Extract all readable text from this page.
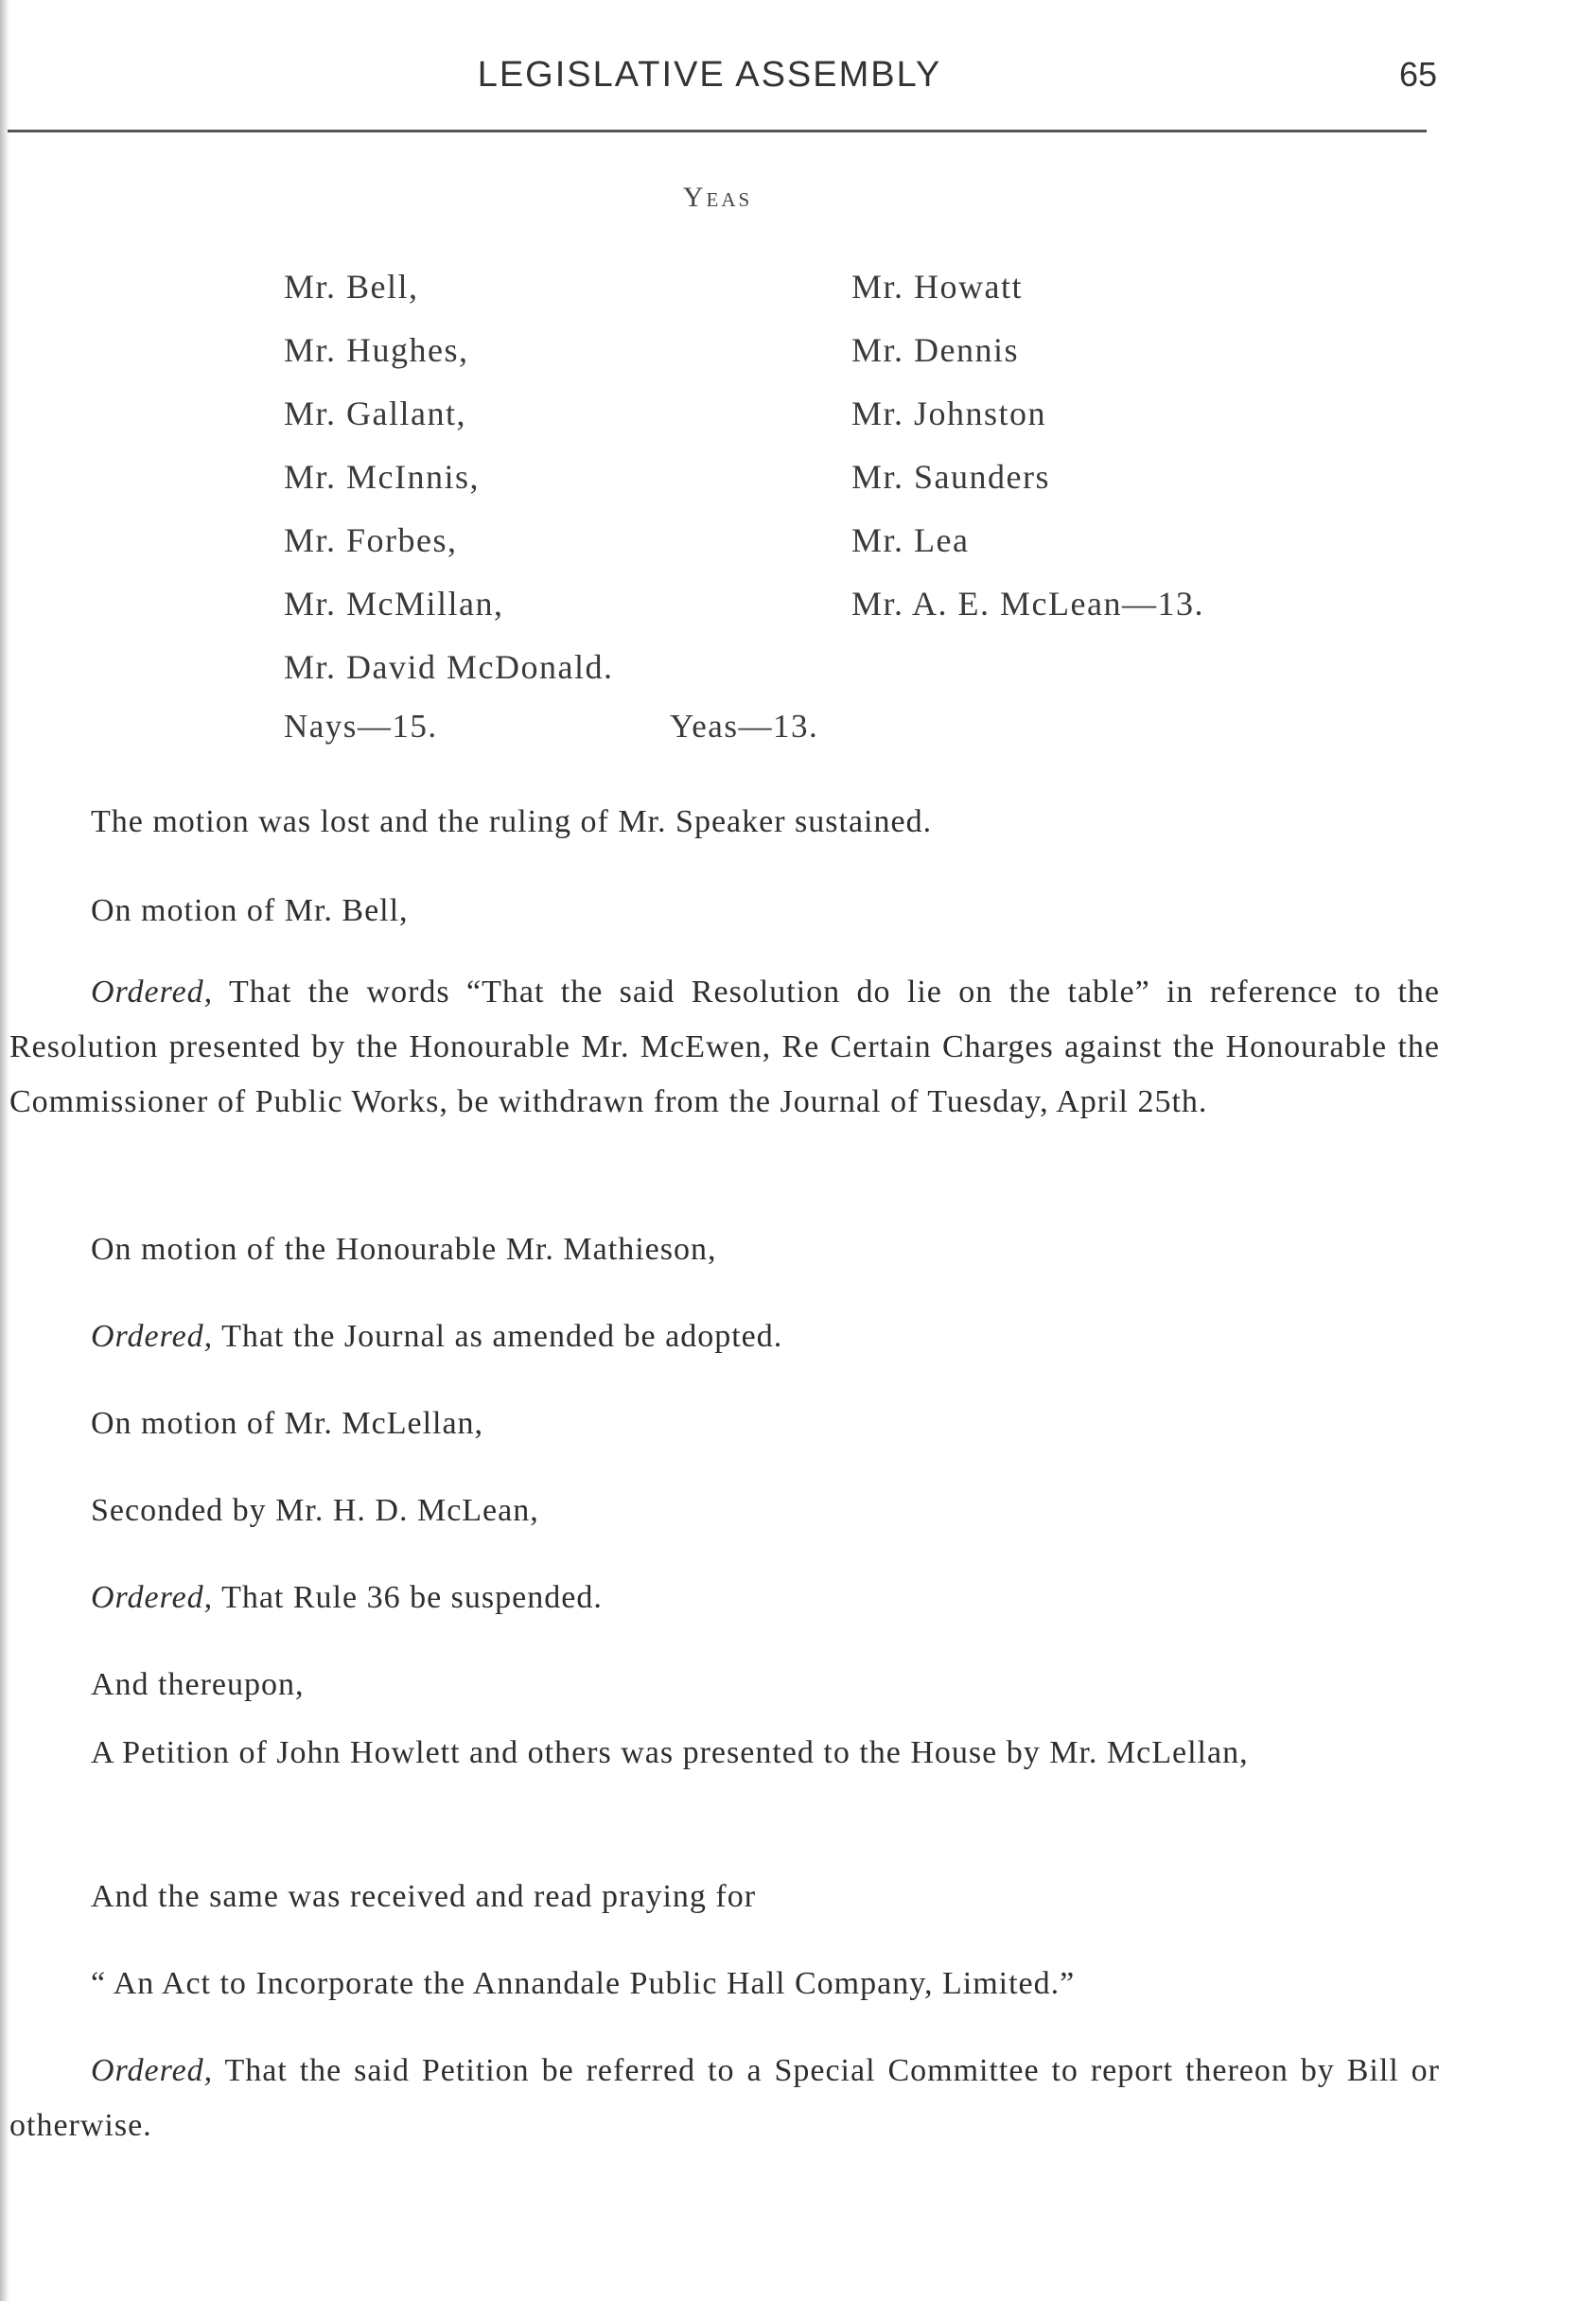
LEGISLATIVE ASSEMBLY	65
Yeas
Mr. Bell,
Mr. Hughes,
Mr. Gallant,
Mr. McInnis,
Mr. Forbes,
Mr. McMillan,
Mr. David McDonald.
Mr. Howatt
Mr. Dennis
Mr. Johnston
Mr. Saunders
Mr. Lea
Mr. A. E. McLean—13.
Nays—15.	Yeas—13.
The motion was lost and the ruling of Mr. Speaker sustained.
On motion of Mr. Bell,
Ordered, That the words “That the said Resolution do lie on the table” in reference to the Resolution presented by the Honourable Mr. McEwen, Re Certain Charges against the Honourable the Commissioner of Public Works, be withdrawn from the Journal of Tuesday, April 25th.
On motion of the Honourable Mr. Mathieson,
Ordered, That the Journal as amended be adopted.
On motion of Mr. McLellan,
Seconded by Mr. H. D. McLean,
Ordered, That Rule 36 be suspended.
And thereupon,
A Petition of John Howlett and others was presented to the House by Mr. McLellan,
And the same was received and read praying for
“ An Act to Incorporate the Annandale Public Hall Company, Limited.”
Ordered, That the said Petition be referred to a Special Committee to report thereon by Bill or otherwise.
